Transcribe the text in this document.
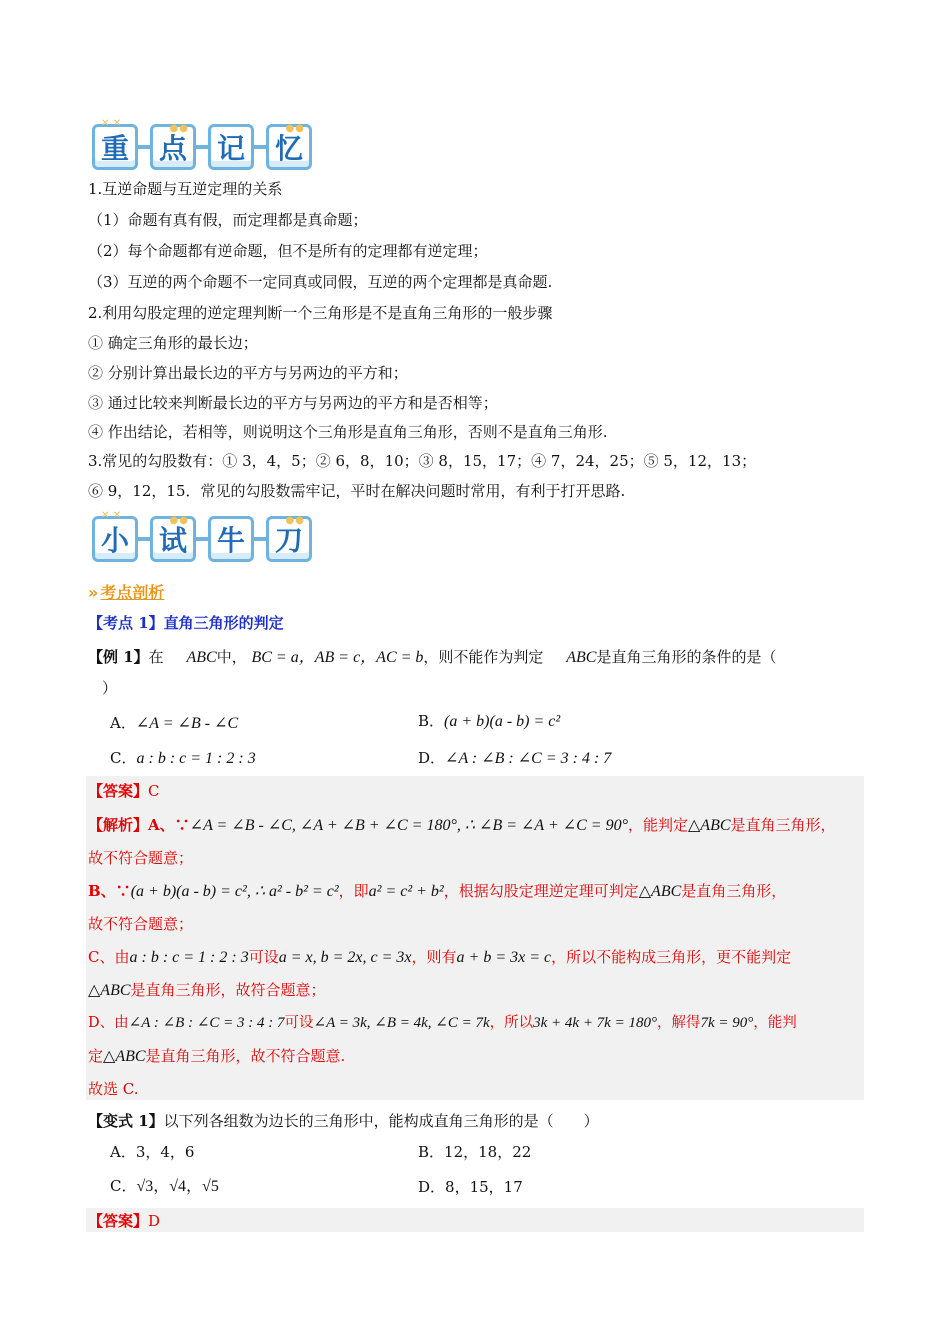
✕ ✕
重
●●
点 记
●●
忆
1.互逆命题与互逆定理的关系
（1）命题有真有假，而定理都是真命题；
（2）每个命题都有逆命题，但不是所有的定理都有逆定理；
（3）互逆的两个命题不一定同真或同假，互逆的两个定理都是真命题.
2.利用勾股定理的逆定理判断一个三角形是不是直角三角形的一般步骤
① 确定三角形的最长边；
② 分别计算出最长边的平方与另两边的平方和；
③ 通过比较来判断最长边的平方与另两边的平方和是否相等；
④ 作出结论，若相等，则说明这个三角形是直角三角形，否则不是直角三角形.
3.常见的勾股数有：① 3，4，5；② 6，8，10；③ 8，15，17；④ 7，24，25；⑤ 5，12，13；
⑥ 9，12，15．常见的勾股数需牢记，平时在解决问题时常用，有利于打开思路.
✕ ✕
小
●●
试 牛
●●
刀
» 考点剖析
【考点 1】直角三角形的判定
【例 1】在 ABC中， BC = a，AB = c，AC = b，则不能作为判定 ABC是直角三角形的条件的是（
）
A．∠A = ∠B - ∠C	B．(a + b)(a - b) = c²
C．a : b : c = 1 : 2 : 3	D．∠A : ∠B : ∠C = 3 : 4 : 7
【答案】C
【解析】A、∵∠A = ∠B - ∠C, ∠A + ∠B + ∠C = 180°, ∴ ∠B = ∠A + ∠C = 90°，能判定△ABC是直角三角形，
故不符合题意；
B、∵(a + b)(a - b) = c², ∴ a² - b² = c²，即a² = c² + b²，根据勾股定理逆定理可判定△ABC是直角三角形，
故不符合题意；
C、由a : b : c = 1 : 2 : 3可设a = x, b = 2x, c = 3x，则有a + b = 3x = c，所以不能构成三角形，更不能判定
△ABC是直角三角形，故符合题意；
D、由∠A : ∠B : ∠C = 3 : 4 : 7可设∠A = 3k, ∠B = 4k, ∠C = 7k，所以3k + 4k + 7k = 180°，解得7k = 90°，能判
定△ABC是直角三角形，故不符合题意.
故选 C.
【变式 1】以下列各组数为边长的三角形中，能构成直角三角形的是（　　）
A．3，4，6	B．12，18，22
C．√3，√4，√5	D．8，15，17
【答案】D
